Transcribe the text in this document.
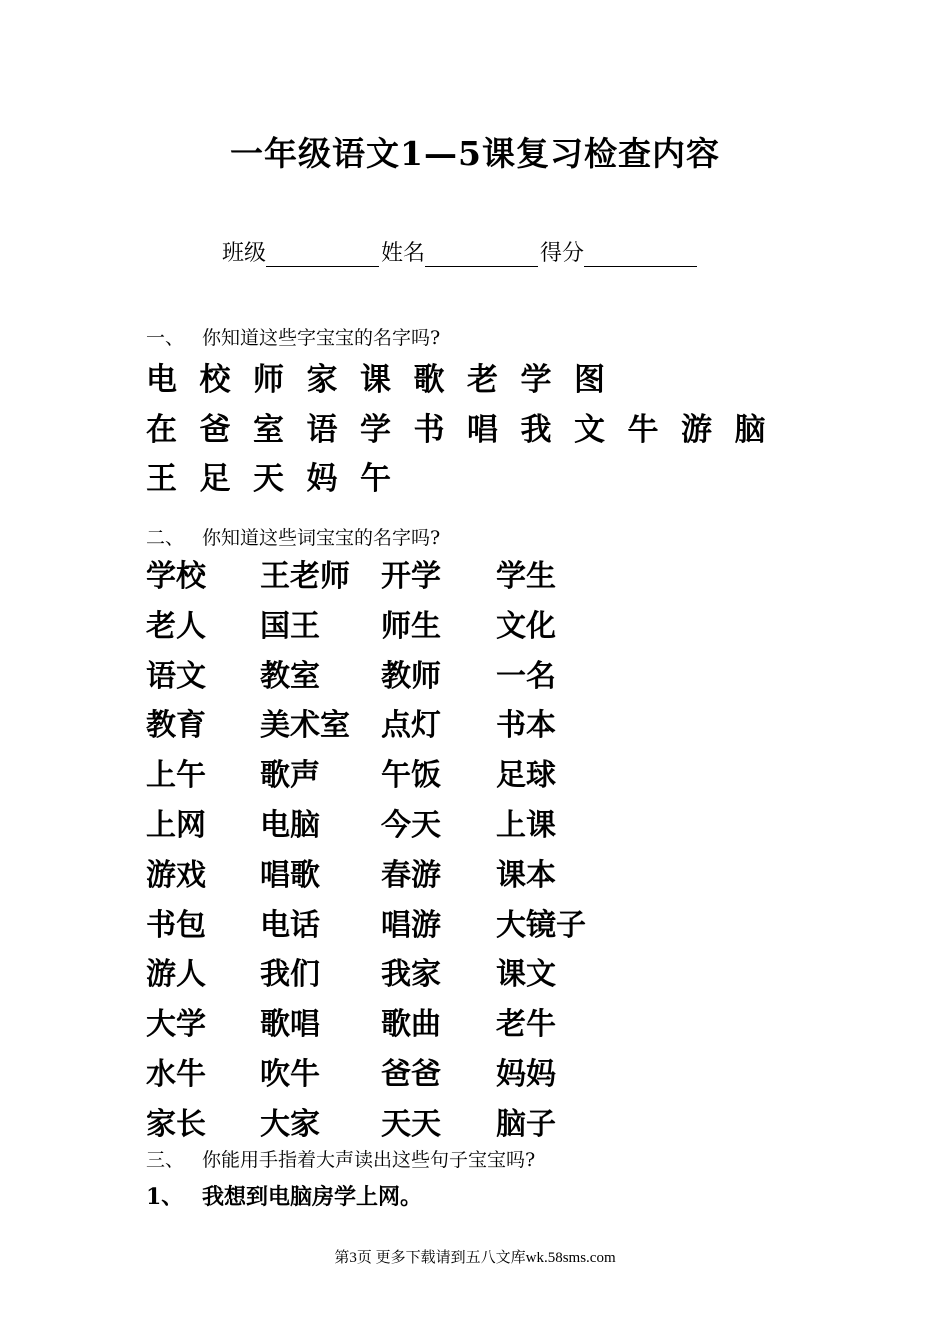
一年级语文1—5课复习检查内容
班级	姓名	得分
一、 你知道这些字宝宝的名字吗?
电 校 师 家 课 歌 老 学 图
在 爸 室 语 学 书 唱 我 文 牛 游 脑
王 足 天 妈 午
二、 你知道这些词宝宝的名字吗?
学校 王老师 开学 学生
老人 国王 师生 文化
语文 教室 教师 一名
教育 美术室 点灯 书本
上午 歌声 午饭 足球
上网 电脑 今天 上课
游戏 唱歌 春游 课本
书包 电话 唱游 大镜子
游人 我们 我家 课文
大学 歌唱 歌曲 老牛
水牛 吹牛 爸爸 妈妈
家长 大家 天天 脑子
三、 你能用手指着大声读出这些句子宝宝吗?
1、 我想到电脑房学上网。
第3页 更多下载请到五八文库wk.58sms.com
